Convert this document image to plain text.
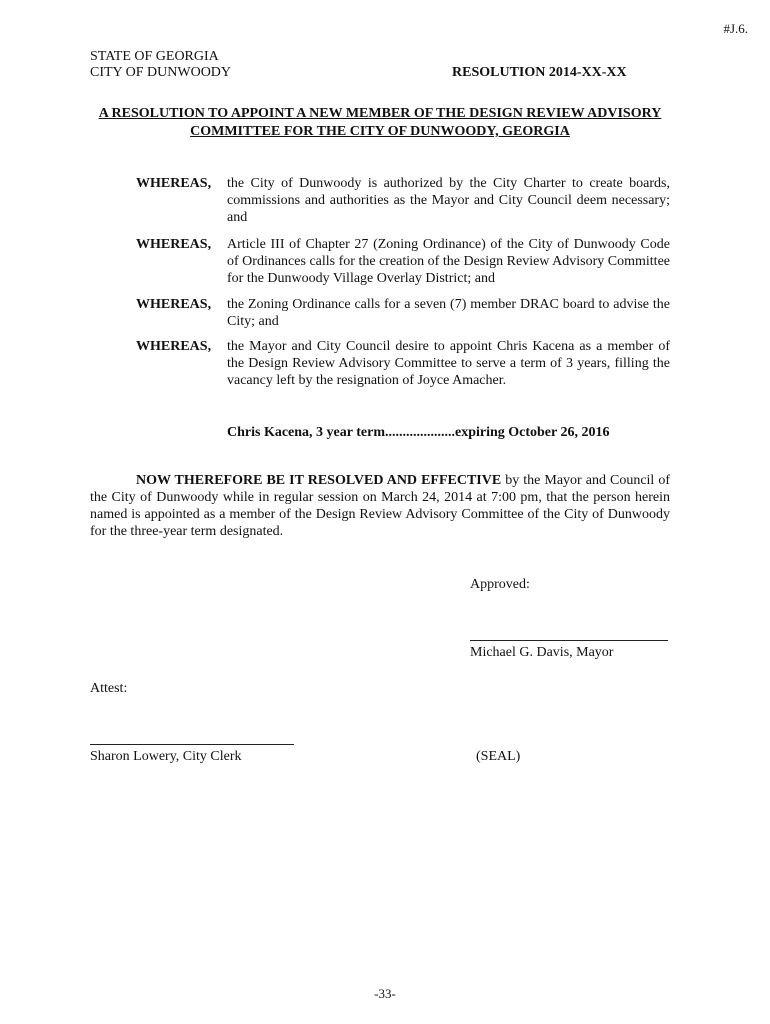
#J.6.
STATE OF GEORGIA
CITY OF DUNWOODY	RESOLUTION 2014-XX-XX
A RESOLUTION TO APPOINT A NEW MEMBER OF THE DESIGN REVIEW ADVISORY COMMITTEE FOR THE CITY OF DUNWOODY, GEORGIA
WHEREAS, the City of Dunwoody is authorized by the City Charter to create boards, commissions and authorities as the Mayor and City Council deem necessary; and
WHEREAS, Article III of Chapter 27 (Zoning Ordinance) of the City of Dunwoody Code of Ordinances calls for the creation of the Design Review Advisory Committee for the Dunwoody Village Overlay District; and
WHEREAS, the Zoning Ordinance calls for a seven (7) member DRAC board to advise the City; and
WHEREAS, the Mayor and City Council desire to appoint Chris Kacena as a member of the Design Review Advisory Committee to serve a term of 3 years, filling the vacancy left by the resignation of Joyce Amacher.
Chris Kacena, 3 year term....................expiring October 26, 2016
NOW THEREFORE BE IT RESOLVED AND EFFECTIVE by the Mayor and Council of the City of Dunwoody while in regular session on March 24, 2014 at 7:00 pm, that the person herein named is appointed as a member of the Design Review Advisory Committee of the City of Dunwoody for the three-year term designated.
Approved:
Michael G. Davis, Mayor
Attest:
Sharon Lowery, City Clerk	(SEAL)
-33-
